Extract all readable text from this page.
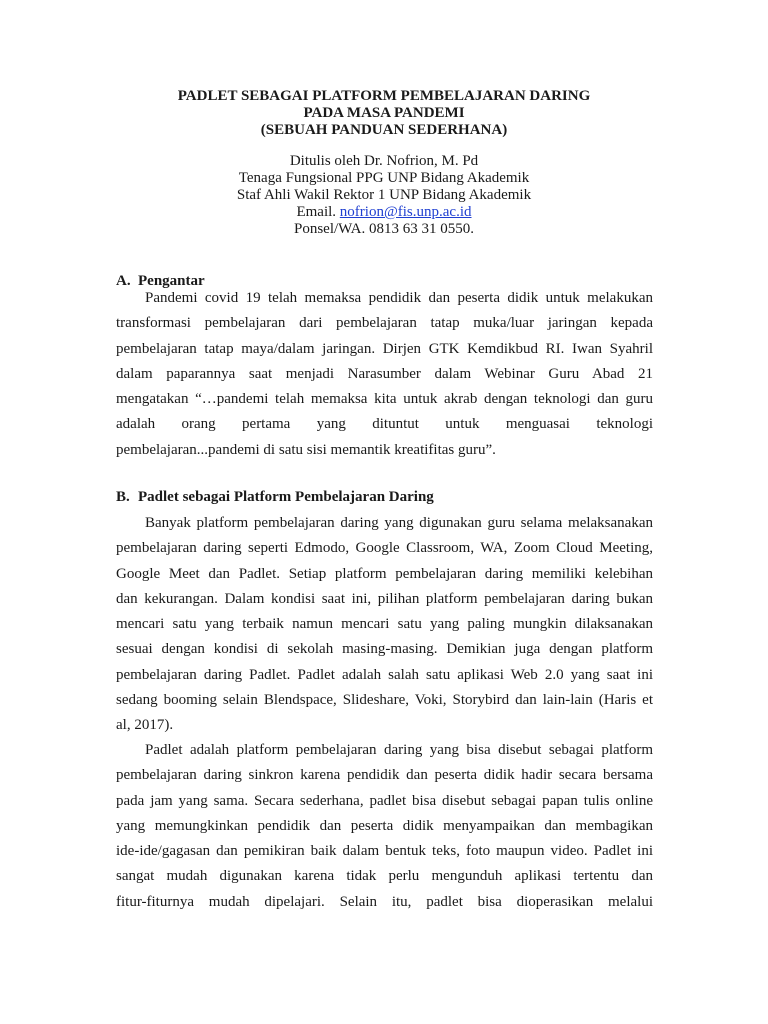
PADLET SEBAGAI PLATFORM PEMBELAJARAN DARING
PADA MASA PANDEMI
(SEBUAH PANDUAN SEDERHANA)
Ditulis oleh Dr. Nofrion, M. Pd
Tenaga Fungsional PPG UNP Bidang Akademik
Staf Ahli Wakil Rektor 1 UNP Bidang Akademik
Email. nofrion@fis.unp.ac.id
Ponsel/WA. 0813 63 31 0550.
A. Pengantar
Pandemi covid 19 telah memaksa pendidik dan peserta didik untuk melakukan
transformasi pembelajaran dari pembelajaran tatap muka/luar jaringan kepada
pembelajaran tatap maya/dalam jaringan. Dirjen GTK Kemdikbud RI. Iwan Syahril
dalam paparannya saat menjadi Narasumber dalam Webinar Guru Abad 21
mengatakan “…pandemi telah memaksa kita untuk akrab dengan teknologi dan guru
adalah orang pertama yang dituntut untuk menguasai teknologi
pembelajaran...pandemi di satu sisi memantik kreatifitas guru”.
B. Padlet sebagai Platform Pembelajaran Daring
Banyak platform pembelajaran daring yang digunakan guru selama melaksanakan
pembelajaran daring seperti Edmodo, Google Classroom, WA, Zoom Cloud Meeting,
Google Meet dan Padlet. Setiap platform pembelajaran daring memiliki kelebihan
dan kekurangan. Dalam kondisi saat ini, pilihan platform pembelajaran daring bukan
mencari satu yang terbaik namun mencari satu yang paling mungkin dilaksanakan
sesuai dengan kondisi di sekolah masing-masing. Demikian juga dengan platform
pembelajaran daring Padlet. Padlet adalah salah satu aplikasi Web 2.0 yang saat ini
sedang booming selain Blendspace, Slideshare, Voki, Storybird dan lain-lain (Haris et
al, 2017).
Padlet adalah platform pembelajaran daring yang bisa disebut sebagai platform
pembelajaran daring sinkron karena pendidik dan peserta didik hadir secara bersama
pada jam yang sama. Secara sederhana, padlet bisa disebut sebagai papan tulis online
yang memungkinkan pendidik dan peserta didik menyampaikan dan membagikan
ide-ide/gagasan dan pemikiran baik dalam bentuk teks, foto maupun video. Padlet ini
sangat mudah digunakan karena tidak perlu mengunduh aplikasi tertentu dan
fitur-fiturnya mudah dipelajari. Selain itu, padlet bisa dioperasikan melalui
